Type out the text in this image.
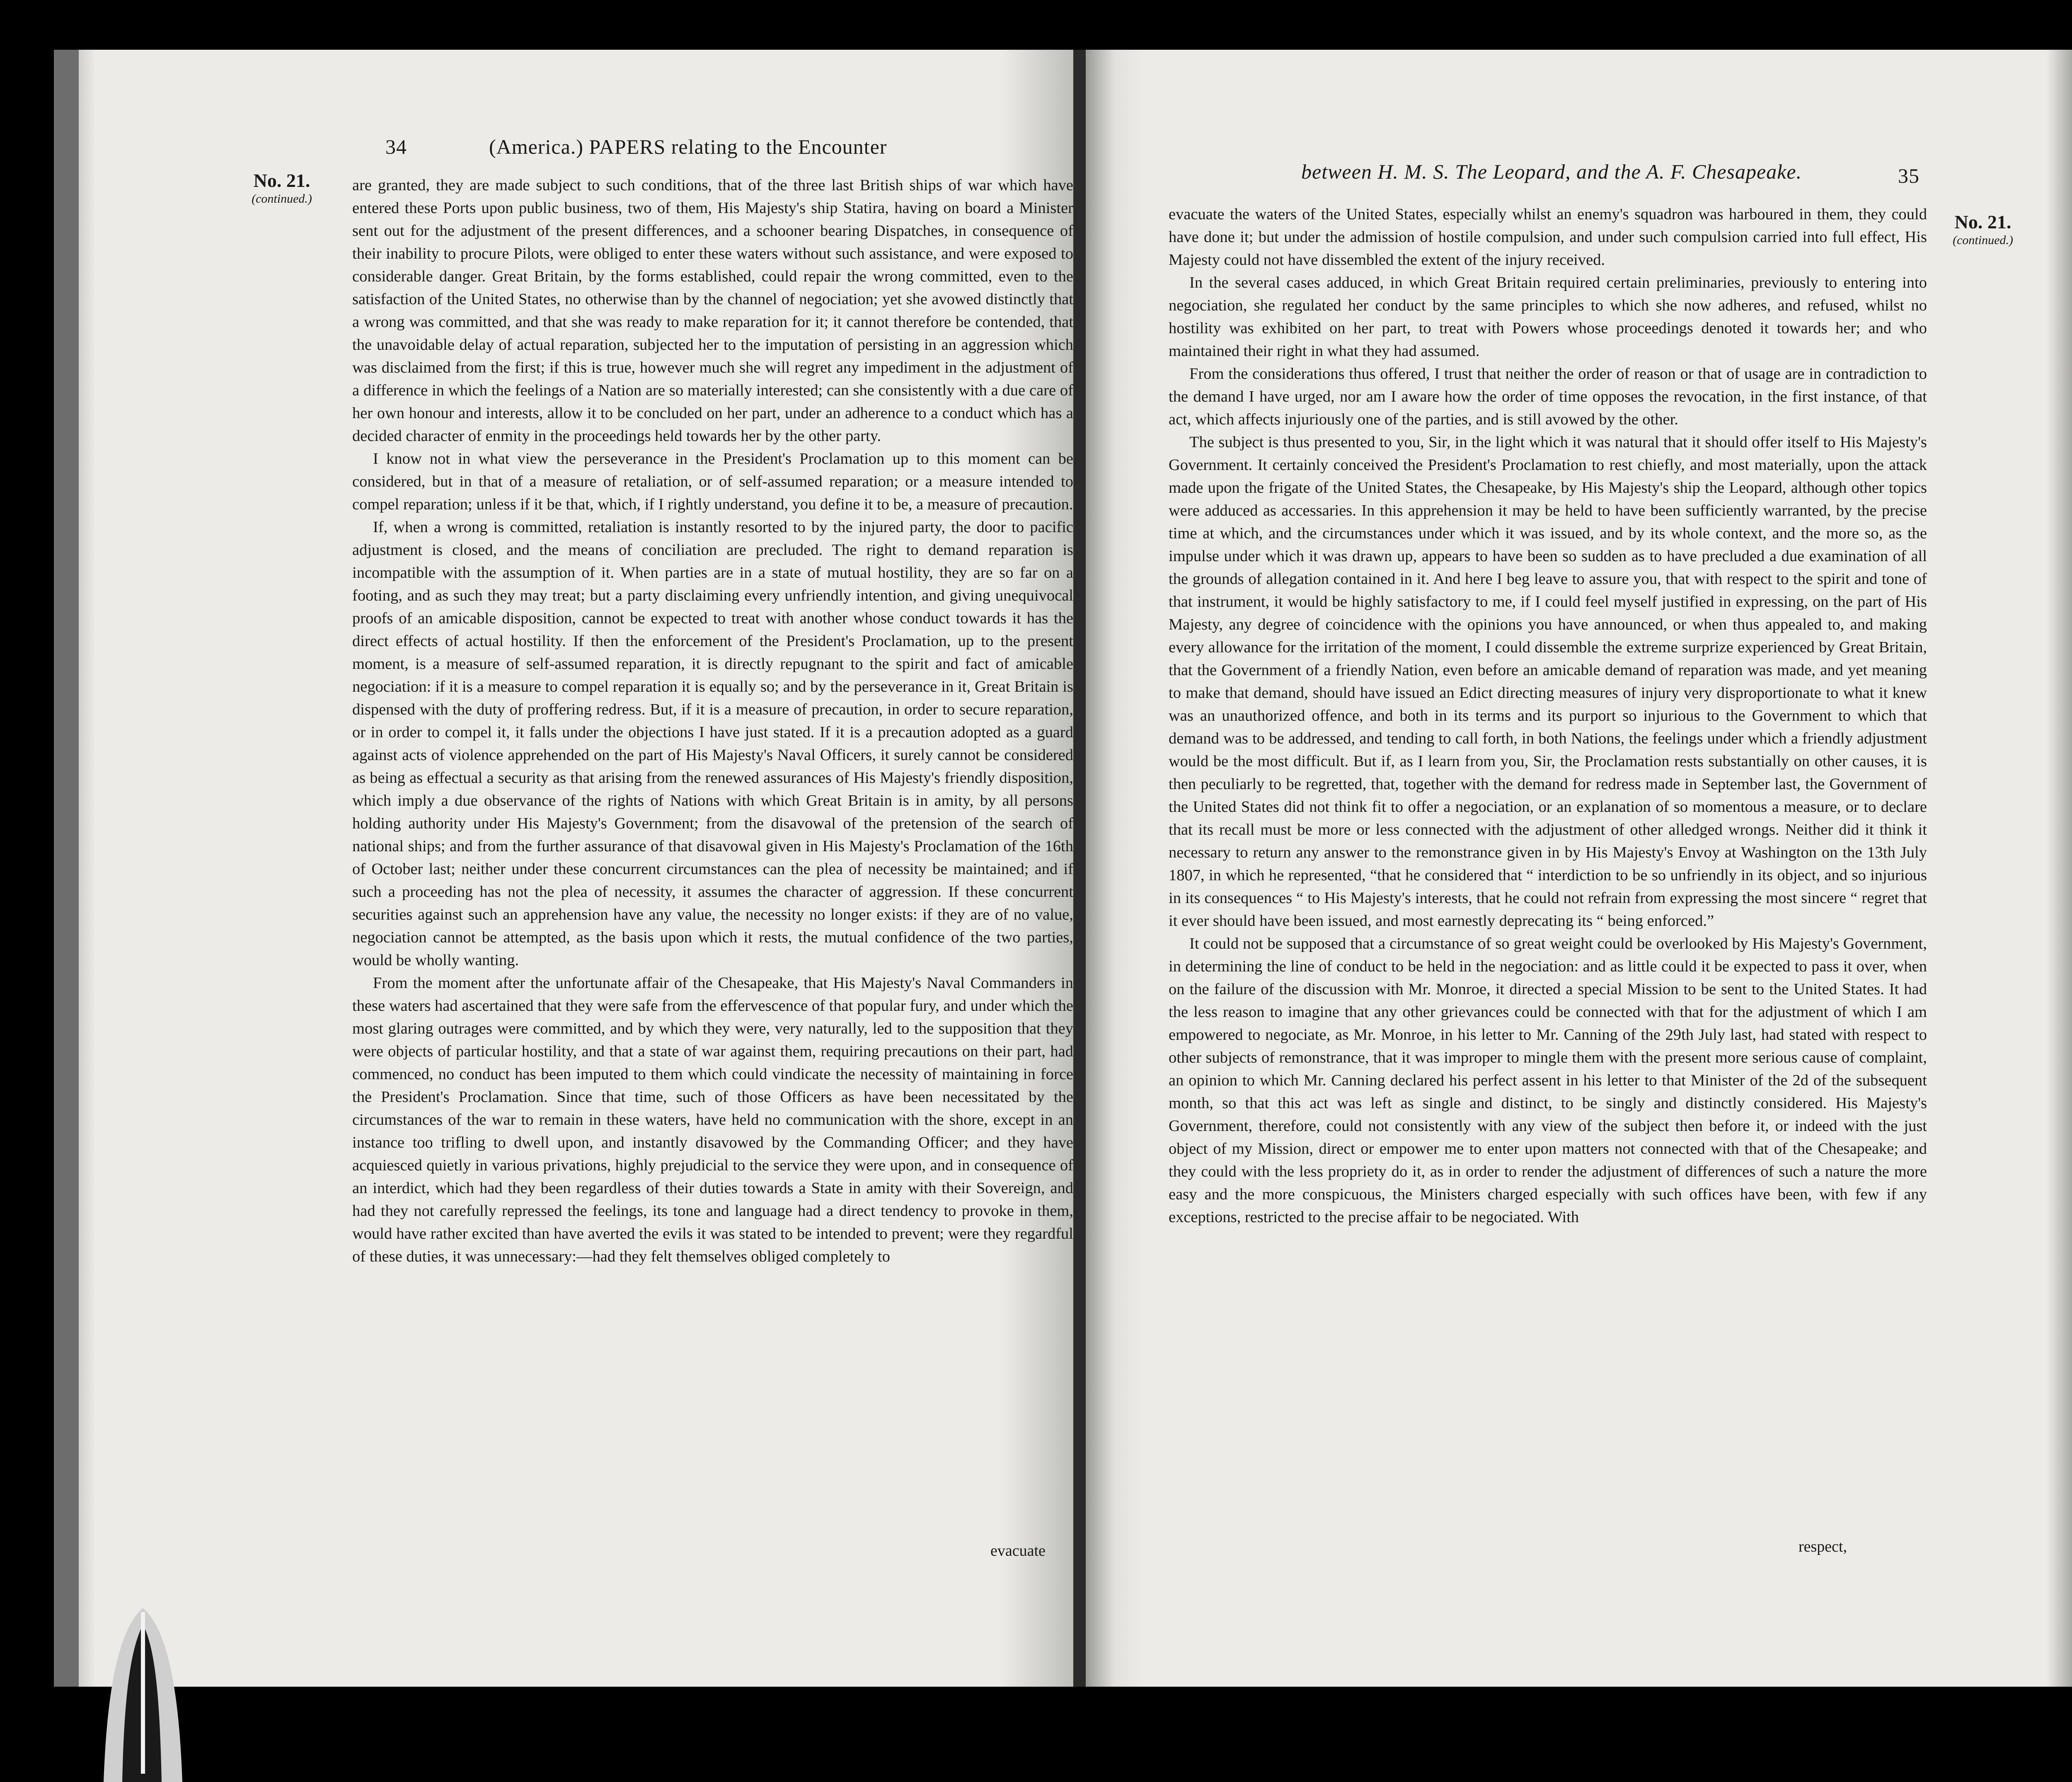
34	(America.) PAPERS relating to the Encounter
No. 21.
(continued.)

are granted, they are made subject to such conditions, that of the three last British ships of war which have entered these Ports upon public business, two of them, His Majesty's ship Statira, having on board a Minister sent out for the adjustment of the present differences, and a schooner bearing Dispatches, in consequence of their inability to procure Pilots, were obliged to enter these waters without such assistance, and were exposed to considerable danger. Great Britain, by the forms established, could repair the wrong committed, even to the satisfaction of the United States, no otherwise than by the channel of negociation; yet she avowed distinctly that a wrong was committed, and that she was ready to make reparation for it; it cannot therefore be contended, that the unavoidable delay of actual reparation, subjected her to the imputation of persisting in an aggression which was disclaimed from the first; if this is true, however much she will regret any impediment in the adjustment of a difference in which the feelings of a Nation are so materially interested; can she consistently with a due care of her own honour and interests, allow it to be concluded on her part, under an adherence to a conduct which has a decided character of enmity in the proceedings held towards her by the other party.

I know not in what view the perseverance in the President's Proclamation up to this moment can be considered, but in that of a measure of retaliation, or of self-assumed reparation; or a measure intended to compel reparation; unless if it be that, which, if I rightly understand, you define it to be, a measure of precaution.

If, when a wrong is committed, retaliation is instantly resorted to by the injured party, the door to pacific adjustment is closed, and the means of conciliation are precluded. The right to demand reparation is incompatible with the assumption of it. When parties are in a state of mutual hostility, they are so far on a footing, and as such they may treat; but a party disclaiming every unfriendly intention, and giving unequivocal proofs of an amicable disposition, cannot be expected to treat with another whose conduct towards it has the direct effects of actual hostility. If then the enforcement of the President's Proclamation, up to the present moment, is a measure of self-assumed reparation, it is directly repugnant to the spirit and fact of amicable negociation: if it is a measure to compel reparation it is equally so; and by the perseverance in it, Great Britain is dispensed with the duty of proffering redress. But, if it is a measure of precaution, in order to secure reparation, or in order to compel it, it falls under the objections I have just stated. If it is a precaution adopted as a guard against acts of violence apprehended on the part of His Majesty's Naval Officers, it surely cannot be considered as being as effectual a security as that arising from the renewed assurances of His Majesty's friendly disposition, which imply a due observance of the rights of Nations with which Great Britain is in amity, by all persons holding authority under His Majesty's Government; from the disavowal of the pretension of the search of national ships; and from the further assurance of that disavowal given in His Majesty's Proclamation of the 16th of October last; neither under these concurrent circumstances can the plea of necessity be maintained; and if such a proceeding has not the plea of necessity, it assumes the character of aggression. If these concurrent securities against such an apprehension have any value, the necessity no longer exists: if they are of no value, negociation cannot be attempted, as the basis upon which it rests, the mutual confidence of the two parties, would be wholly wanting.

From the moment after the unfortunate affair of the Chesapeake, that His Majesty's Naval Commanders in these waters had ascertained that they were safe from the effervescence of that popular fury, and under which the most glaring outrages were committed, and by which they were, very naturally, led to the supposition that they were objects of particular hostility, and that a state of war against them, requiring precautions on their part, had commenced, no conduct has been imputed to them which could vindicate the necessity of maintaining in force the President's Proclamation. Since that time, such of those Officers as have been necessitated by the circumstances of the war to remain in these waters, have held no communication with the shore, except in an instance too trifling to dwell upon, and instantly disavowed by the Commanding Officer; and they have acquiesced quietly in various privations, highly prejudicial to the service they were upon, and in consequence of an interdict, which had they been regardless of their duties towards a State in amity with their Sovereign, and had they not carefully repressed the feelings, its tone and language had a direct tendency to provoke in them, would have rather excited than have averted the evils it was stated to be intended to prevent; were they regardful of these duties, it was unnecessary:—had they felt themselves obliged completely to

evacuate
between H. M. S. The Leopard, and the A. F. Chesapeake.	35
No. 21.
(continued.)

evacuate the waters of the United States, especially whilst an enemy's squadron was harboured in them, they could have done it; but under the admission of hostile compulsion, and under such compulsion carried into full effect, His Majesty could not have dissembled the extent of the injury received.

In the several cases adduced, in which Great Britain required certain preliminaries, previously to entering into negociation, she regulated her conduct by the same principles to which she now adheres, and refused, whilst no hostility was exhibited on her part, to treat with Powers whose proceedings denoted it towards her; and who maintained their right in what they had assumed.

From the considerations thus offered, I trust that neither the order of reason or that of usage are in contradiction to the demand I have urged, nor am I aware how the order of time opposes the revocation, in the first instance, of that act, which affects injuriously one of the parties, and is still avowed by the other.

The subject is thus presented to you, Sir, in the light which it was natural that it should offer itself to His Majesty's Government. It certainly conceived the President's Proclamation to rest chiefly, and most materially, upon the attack made upon the frigate of the United States, the Chesapeake, by His Majesty's ship the Leopard, although other topics were adduced as accessaries. In this apprehension it may be held to have been sufficiently warranted, by the precise time at which, and the circumstances under which it was issued, and by its whole context, and the more so, as the impulse under which it was drawn up, appears to have been so sudden as to have precluded a due examination of all the grounds of allegation contained in it. And here I beg leave to assure you, that with respect to the spirit and tone of that instrument, it would be highly satisfactory to me, if I could feel myself justified in expressing, on the part of His Majesty, any degree of coincidence with the opinions you have announced, or when thus appealed to, and making every allowance for the irritation of the moment, I could dissemble the extreme surprize experienced by Great Britain, that the Government of a friendly Nation, even before an amicable demand of reparation was made, and yet meaning to make that demand, should have issued an Edict directing measures of injury very disproportionate to what it knew was an unauthorized offence, and both in its terms and its purport so injurious to the Government to which that demand was to be addressed, and tending to call forth, in both Nations, the feelings under which a friendly adjustment would be the most difficult. But if, as I learn from you, Sir, the Proclamation rests substantially on other causes, it is then peculiarly to be regretted, that, together with the demand for redress made in September last, the Government of the United States did not think fit to offer a negociation, or an explanation of so momentous a measure, or to declare that its recall must be more or less connected with the adjustment of other alledged wrongs. Neither did it think it necessary to return any answer to the remonstrance given in by His Majesty's Envoy at Washington on the 13th July 1807, in which he represented, “that he considered that “ interdiction to be so unfriendly in its object, and so injurious in its consequences “ to His Majesty's interests, that he could not refrain from expressing the most sincere “ regret that it ever should have been issued, and most earnestly deprecating its “ being enforced.”

It could not be supposed that a circumstance of so great weight could be overlooked by His Majesty's Government, in determining the line of conduct to be held in the negociation: and as little could it be expected to pass it over, when on the failure of the discussion with Mr. Monroe, it directed a special Mission to be sent to the United States. It had the less reason to imagine that any other grievances could be connected with that for the adjustment of which I am empowered to negociate, as Mr. Monroe, in his letter to Mr. Canning of the 29th July last, had stated with respect to other subjects of remonstrance, that it was improper to mingle them with the present more serious cause of complaint, an opinion to which Mr. Canning declared his perfect assent in his letter to that Minister of the 2d of the subsequent month, so that this act was left as single and distinct, to be singly and distinctly considered. His Majesty's Government, therefore, could not consistently with any view of the subject then before it, or indeed with the just object of my Mission, direct or empower me to enter upon matters not connected with that of the Chesapeake; and they could with the less propriety do it, as in order to render the adjustment of differences of such a nature the more easy and the more conspicuous, the Ministers charged especially with such offices have been, with few if any exceptions, restricted to the precise affair to be negociated. With

respect,
